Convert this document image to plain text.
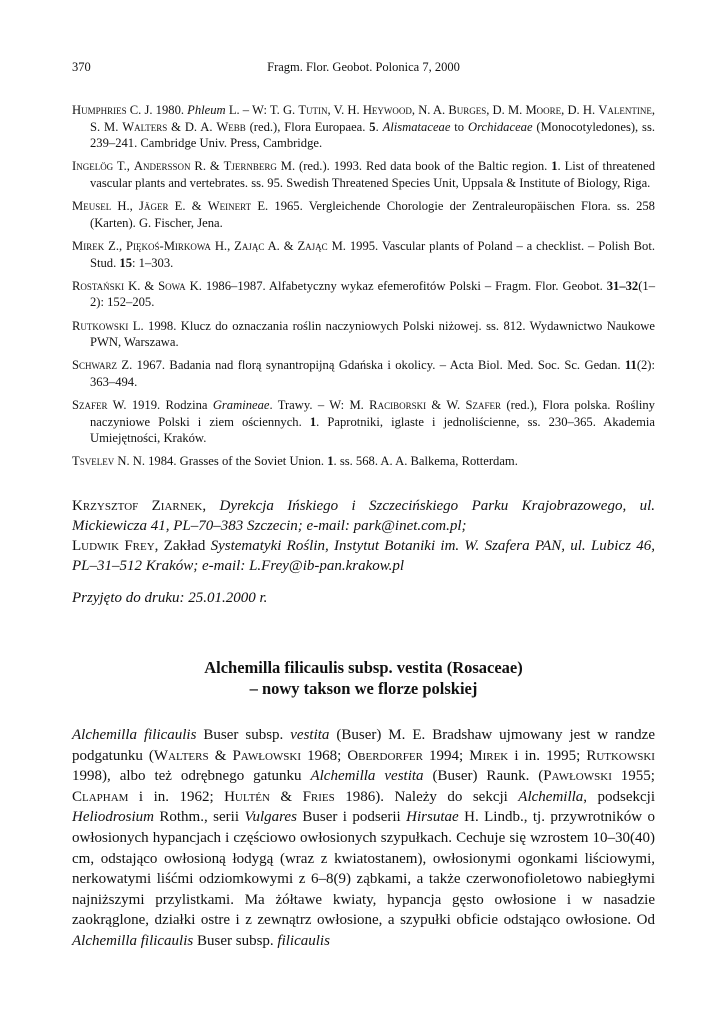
370	Fragm. Flor. Geobot. Polonica 7, 2000
Humphries C. J. 1980. Phleum L. – W: T. G. Tutin, V. H. Heywood, N. A. Burges, D. M. Moore, D. H. Valentine, S. M. Walters & D. A. Webb (red.), Flora Europaea. 5. Alismataceae to Orchidaceae (Monocotyledones), ss. 239–241. Cambridge Univ. Press, Cambridge.
Ingelög T., Andersson R. & Tjernberg M. (red.). 1993. Red data book of the Baltic region. 1. List of threatened vascular plants and vertebrates. ss. 95. Swedish Threatened Species Unit, Uppsala & Institute of Biology, Riga.
Meusel H., Jäger E. & Weinert E. 1965. Vergleichende Chorologie der Zentraleuropäischen Flora. ss. 258 (Karten). G. Fischer, Jena.
Mirek Z., Piękoś-Mirkowa H., Zając A. & Zając M. 1995. Vascular plants of Poland – a checklist. – Polish Bot. Stud. 15: 1–303.
Rostański K. & Sowa K. 1986–1987. Alfabetyczny wykaz efemerofitów Polski – Fragm. Flor. Geobot. 31–32(1–2): 152–205.
Rutkowski L. 1998. Klucz do oznaczania roślin naczyniowych Polski niżowej. ss. 812. Wydawnictwo Naukowe PWN, Warszawa.
Schwarz Z. 1967. Badania nad florą synantropijną Gdańska i okolicy. – Acta Biol. Med. Soc. Sc. Gedan. 11(2): 363–494.
Szafer W. 1919. Rodzina Gramineae. Trawy. – W: M. Raciborski & W. Szafer (red.), Flora polska. Rośliny naczyniowe Polski i ziem ościennych. 1. Paprotniki, iglaste i jednoliścienne, ss. 230–365. Akademia Umiejętności, Kraków.
Tsvelev N. N. 1984. Grasses of the Soviet Union. 1. ss. 568. A. A. Balkema, Rotterdam.

Krzysztof Ziarnek, Dyrekcja Ińskiego i Szczecińskiego Parku Krajobrazowego, ul. Mickiewicza 41, PL–70–383 Szczecin; e-mail: park@inet.com.pl;

Ludwik Frey, Zakład Systematyki Roślin, Instytut Botaniki im. W. Szafera PAN, ul. Lubicz 46, PL–31–512 Kraków; e-mail: L.Frey@ib-pan.krakow.pl

Przyjęto do druku: 25.01.2000 r.
Alchemilla filicaulis subsp. vestita (Rosaceae)
– nowy takson we florze polskiej
Alchemilla filicaulis Buser subsp. vestita (Buser) M. E. Bradshaw ujmowany jest w randze podgatunku (Walters & Pawłowski 1968; Oberdorfer 1994; Mirek i in. 1995; Rutkowski 1998), albo też odrębnego gatunku Alchemilla vestita (Buser) Raunk. (Pawłowski 1955; Clapham i in. 1962; Hultén & Fries 1986). Należy do sekcji Alchemilla, podsekcji Heliodrosium Rothm., serii Vulgares Buser i podserii Hirsutae H. Lindb., tj. przywrotników o owłosionych hypancjach i częściowo owłosionych szypułkach. Cechuje się wzrostem 10–30(40) cm, odstająco owłosioną łodygą (wraz z kwiatostanem), owłosionymi ogonkami liściowymi, nerkowatymi liśćmi odziomkowymi z 6–8(9) ząbkami, a także czerwonofioletowo nabiegłymi najniższymi przylistkami. Ma żółtawe kwiaty, hypancja gęsto owłosione i w nasadzie zaokrąglone, działki ostre i z zewnątrz owłosione, a szypułki obficie odstająco owłosione. Od Alchemilla filicaulis Buser subsp. filicaulis
